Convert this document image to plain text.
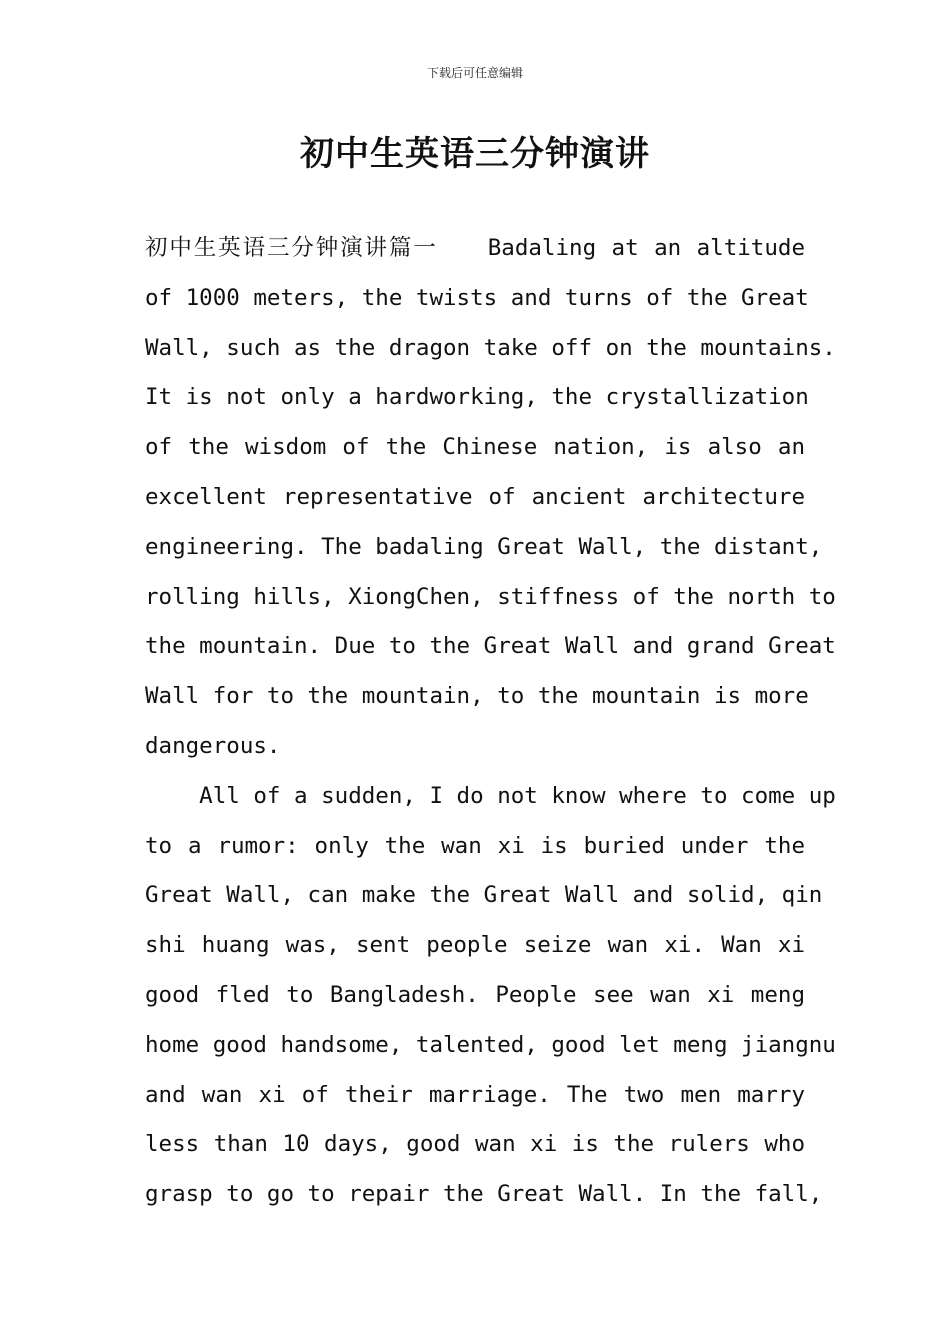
下载后可任意编辑
初中生英语三分钟演讲
初中生英语三分钟演讲篇一 Badaling at an altitude
of 1000 meters, the twists and turns of the Great
Wall, such as the dragon take off on the mountains.
It is not only a hardworking, the crystallization
of the wisdom of the Chinese nation, is also an
excellent representative of ancient architecture
engineering. The badaling Great Wall, the distant,
rolling hills, XiongChen, stiffness of the north to
the mountain. Due to the Great Wall and grand Great
Wall for to the mountain, to the mountain is more
dangerous.
All of a sudden, I do not know where to come up
to a rumor: only the wan xi is buried under the
Great Wall, can make the Great Wall and solid, qin
shi huang was, sent people seize wan xi. Wan xi
good fled to Bangladesh. People see wan xi meng
home good handsome, talented, good let meng jiangnu
and wan xi of their marriage. The two men marry
less than 10 days, good wan xi is the rulers who
grasp to go to repair the Great Wall. In the fall,
